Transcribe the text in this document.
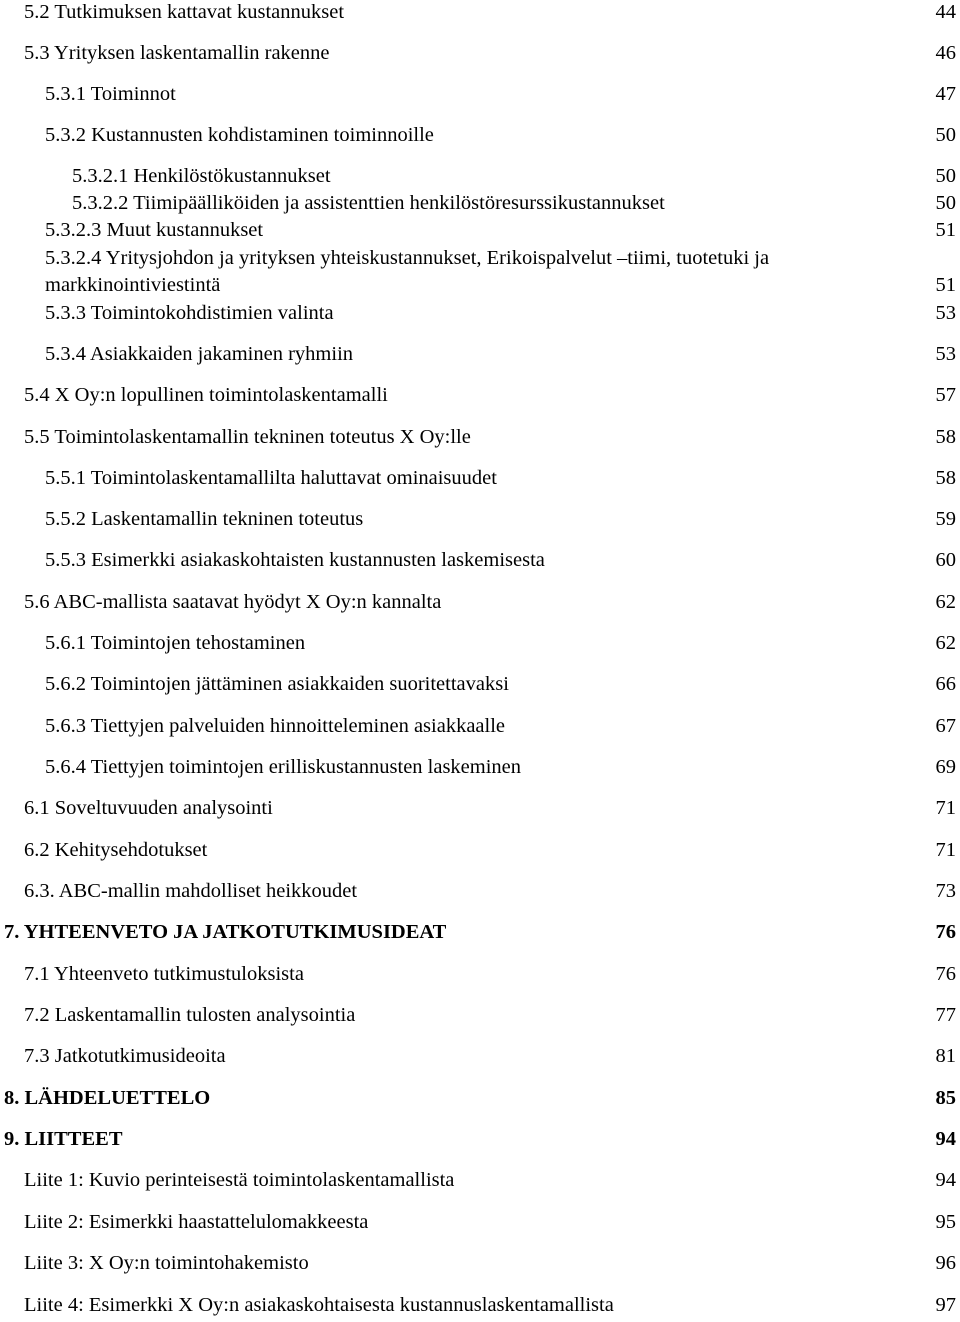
5.2 Tutkimuksen kattavat kustannukset	44
5.3 Yrityksen laskentamallin rakenne	46
5.3.1 Toiminnot	47
5.3.2 Kustannusten kohdistaminen toiminnoille	50
5.3.2.1 Henkilöstökustannukset	50
5.3.2.2 Tiimipäälliköiden ja assistenttien henkilöstöresurssikustannukset	50
5.3.2.3 Muut kustannukset	51
5.3.2.4 Yritysjohdon ja yrityksen yhteiskustannukset, Erikoispalvelut –tiimi, tuotetuki ja
markkinointiviestintä	51
5.3.3 Toimintokohdistimien valinta	53
5.3.4 Asiakkaiden jakaminen ryhmiin	53
5.4 X Oy:n lopullinen toimintolaskentamalli	57
5.5 Toimintolaskentamallin tekninen toteutus X Oy:lle	58
5.5.1 Toimintolaskentamallilta haluttavat ominaisuudet	58
5.5.2 Laskentamallin tekninen toteutus	59
5.5.3 Esimerkki asiakaskohtaisten kustannusten laskemisesta	60
5.6 ABC-mallista saatavat hyödyt X Oy:n kannalta	62
5.6.1 Toimintojen tehostaminen	62
5.6.2 Toimintojen jättäminen asiakkaiden suoritettavaksi	66
5.6.3 Tiettyjen palveluiden hinnoitteleminen asiakkaalle	67
5.6.4 Tiettyjen toimintojen erilliskustannusten laskeminen	69
6.1 Soveltuvuuden analysointi	71
6.2 Kehitysehdotukset	71
6.3. ABC-mallin mahdolliset heikkoudet	73
7. YHTEENVETO JA JATKOTUTKIMUSIDEAT	76
7.1 Yhteenveto tutkimustuloksista	76
7.2 Laskentamallin tulosten analysointia	77
7.3 Jatkotutkimusideoita	81
8. LÄHDELUETTELO	85
9. LIITTEET	94
Liite 1: Kuvio perinteisestä toimintolaskentamallista	94
Liite 2: Esimerkki haastattelulomakkeesta	95
Liite 3: X Oy:n toimintohakemisto	96
Liite 4: Esimerkki X Oy:n asiakaskohtaisesta kustannuslaskentamallista	97
